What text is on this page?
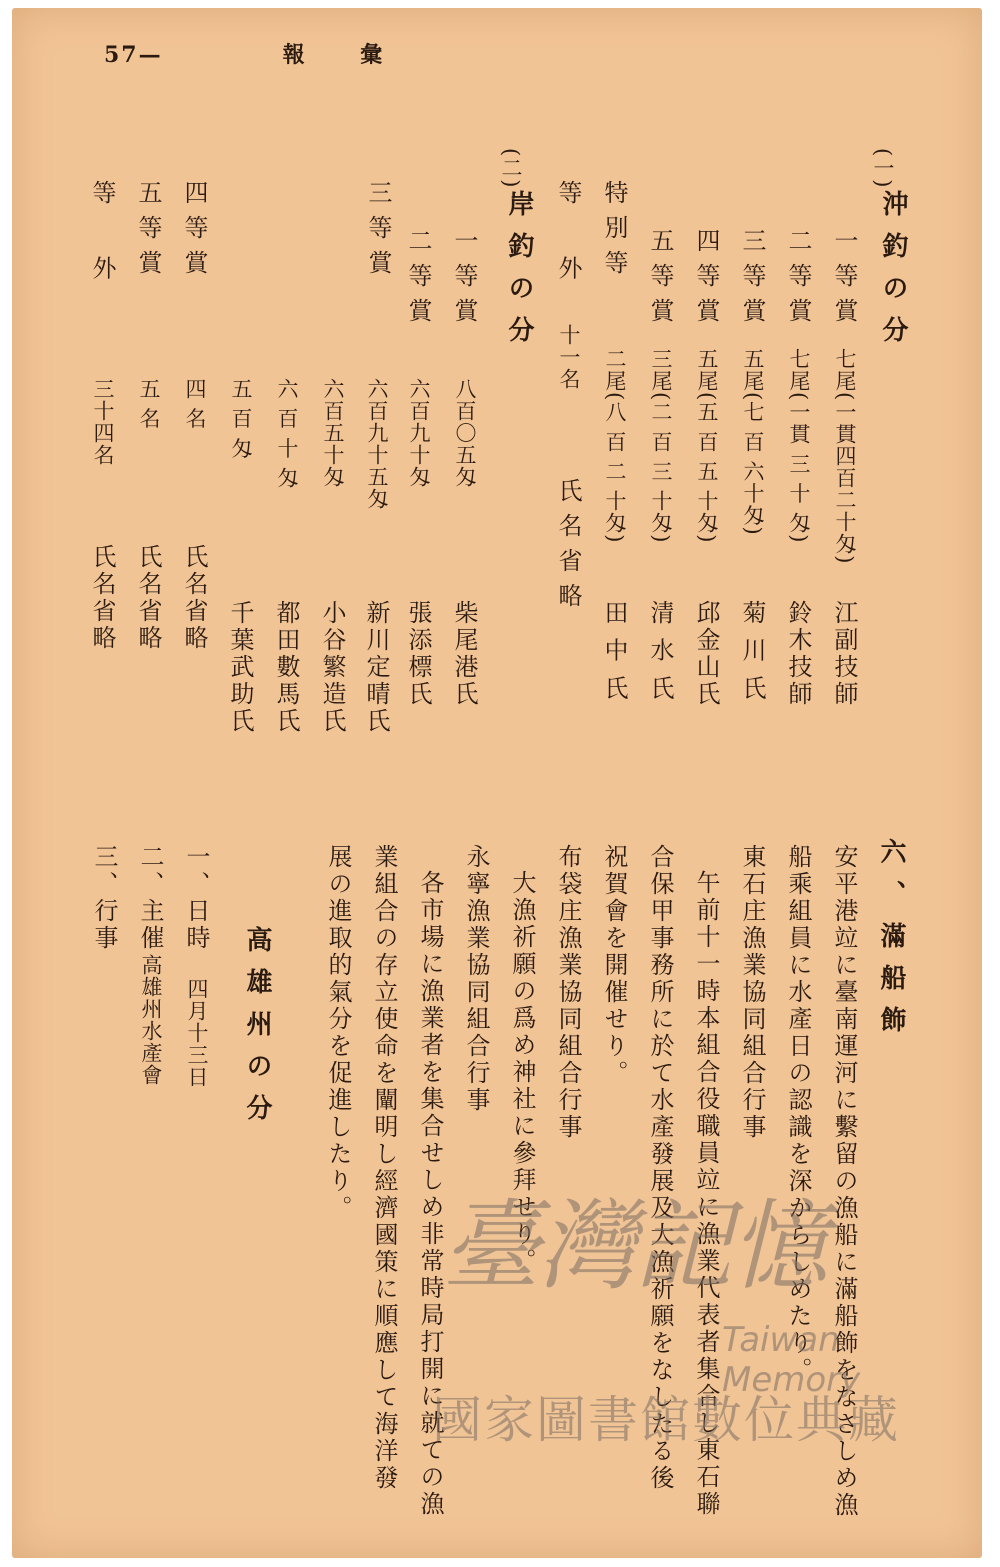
57—	報 彙
(一)
沖釣の分
一等賞
七尾(一貫四百二十匁)
江副技師
二等賞
七尾(一貫 三 十 匁)
鈴木技師
三等賞
五尾(七 百 六十匁)
菊 川 氏
四等賞
五尾(五 百 五 十匁)
邱金山氏
五等賞
三尾(二 百 三 十匁)
清 水 氏
特別等
二尾(八 百 二 十匁)
田 中 氏
等 外
十一名
氏名省略
(二)
岸釣の分
一等賞
八百〇五匁
柴尾港氏
二等賞
六百九十匁
張添標氏
三等賞
六百九十五匁
新川定晴氏
六百五十匁
小谷繁造氏
六 百 十 匁
都田數馬氏
五 百 匁
千葉武助氏
四等賞
四 名
氏名省略
五等賞
五 名
氏名省略
等 外
三十四名
氏名省略
六、滿船飾
安平港竝に臺南運河に繫留の漁船に滿船飾をなさしめ漁
船乘組員に水產日の認識を深からしめたり。
東石庄漁業協同組合行事
午前十一時本組合役職員竝に漁業代表者集合し東石聯
合保甲事務所に於て水產發展及大漁祈願をなしたる後
祝賀會を開催せり。
布袋庄漁業協同組合行事
大漁祈願の爲め神社に參拜せり。
永寧漁業協同組合行事
各市場に漁業者を集合せしめ非常時局打開に就ての漁
業組合の存立使命を闡明し經濟國策に順應して海洋發
展の進取的氣分を促進したり。
高雄州の分
一、日時
四月十三日
二、主催
高雄州水產會
三、行事
臺灣記憶
Taiwan Memory
國家圖書館數位典藏
